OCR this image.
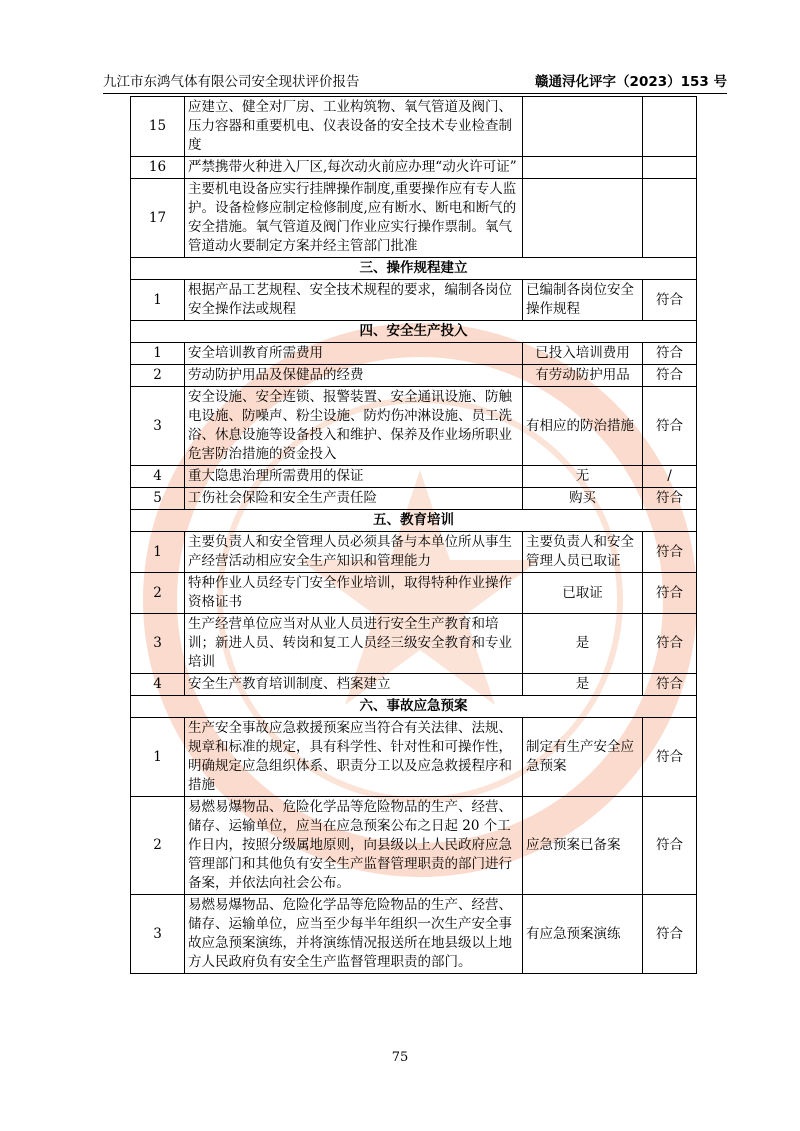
九江市东鸿气体有限公司安全现状评价报告	赣通浔化评字（2023）153 号
15	应建立、健全对厂房、工业构筑物、氧气管道及阀门、压力容器和重要机电、仪表设备的安全技术专业检查制度		
16	严禁携带火种进入厂区,每次动火前应办理“动火许可证”		
17	主要机电设备应实行挂牌操作制度,重要操作应有专人监护。设备检修应制定检修制度,应有断水、断电和断气的安全措施。氧气管道及阀门作业应实行操作票制。氧气管道动火要制定方案并经主管部门批准		
三、操作规程建立			
1	根据产品工艺规程、安全技术规程的要求，编制各岗位安全操作法或规程	已编制各岗位安全操作规程	符合
四、安全生产投入			
1	安全培训教育所需费用	已投入培训费用	符合
2	劳动防护用品及保健品的经费	有劳动防护用品	符合
3	安全设施、安全连锁、报警装置、安全通讯设施、防触电设施、防噪声、粉尘设施、防灼伤冲淋设施、员工洗浴、休息设施等设备投入和维护、保养及作业场所职业危害防治措施的资金投入	有相应的防治措施	符合
4	重大隐患治理所需费用的保证	无	/
5	工伤社会保险和安全生产责任险	购买	符合
五、教育培训			
1	主要负责人和安全管理人员必须具备与本单位所从事生产经营活动相应安全生产知识和管理能力	主要负责人和安全管理人员已取证	符合
2	特种作业人员经专门安全作业培训，取得特种作业操作资格证书	已取证	符合
3	生产经营单位应当对从业人员进行安全生产教育和培训；新进人员、转岗和复工人员经三级安全教育和专业培训	是	符合
4	安全生产教育培训制度、档案建立	是	符合
六、事故应急预案			
1	生产安全事故应急救援预案应当符合有关法律、法规、规章和标准的规定，具有科学性、针对性和可操作性，明确规定应急组织体系、职责分工以及应急救援程序和措施	制定有生产安全应急预案	符合
2	易燃易爆物品、危险化学品等危险物品的生产、经营、储存、运输单位，应当在应急预案公布之日起 20 个工作日内，按照分级属地原则，向县级以上人民政府应急管理部门和其他负有安全生产监督管理职责的部门进行备案，并依法向社会公布。	应急预案已备案	符合
3	易燃易爆物品、危险化学品等危险物品的生产、经营、储存、运输单位，应当至少每半年组织一次生产安全事故应急预案演练，并将演练情况报送所在地县级以上地方人民政府负有安全生产监督管理职责的部门。	有应急预案演练	符合
75
